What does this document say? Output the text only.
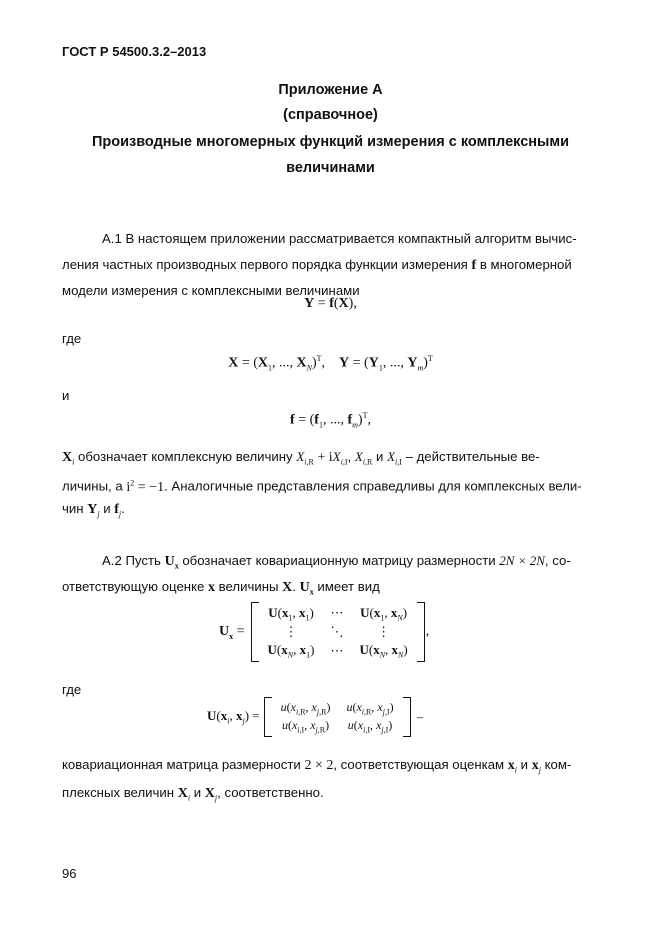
ГОСТ Р 54500.3.2–2013
Приложение А
(справочное)
Производные многомерных функций измерения с комплексными
величинами
А.1 В настоящем приложении рассматривается компактный алгоритм вычис-
ления частных производных первого порядка функции измерения f в многомерной
модели измерения с комплексными величинами
Y = f(X),
где
$X = (X_1$, ..., $X_N)^T$,    $Y = (Y_1$, ..., $Y_m)^T$
и
$f = (f_1$, ..., $f_m)^T$,
$X_i$ обозначает комплексную величину $X_{i,R} + iX_{i,I}$, $X_{i,R}$ и $X_{i,I}$ – действительные ве-
личины, а $i^2 = -1$. Аналогичные представления справедливы для комплексных вели-
чин $Y_j$ и $f_j$.
А.2 Пусть $U_x$ обозначает ковариационную матрицу размерности 2N × 2N, со-
ответствующую оценке x величины X. $U_x$ имеет вид
$U_x$ =		
$U(x_1$, $x_1$)	⋯	$U(x_1$, $x_N$)
⋮	⋱	⋮
$U(x_N$, $x_1$)	⋯	$U(x_N$, $x_N$)
		,
где
$U(x_i$, $x_j$) =		
$u(x_{i,R}$, $x_{j,R}$)	$u(x_{i,R}$, $x_{j,I}$)
$u(x_{i,I}$, $x_{j,R}$)	$u(x_{i,I}$, $x_{j,I}$)
		–
ковариационная матрица размерности 2 × 2, соответствующая оценкам $x_i$ и $x_j$ ком-
плексных величин $X_i$ и $X_j$, соответственно.
96
